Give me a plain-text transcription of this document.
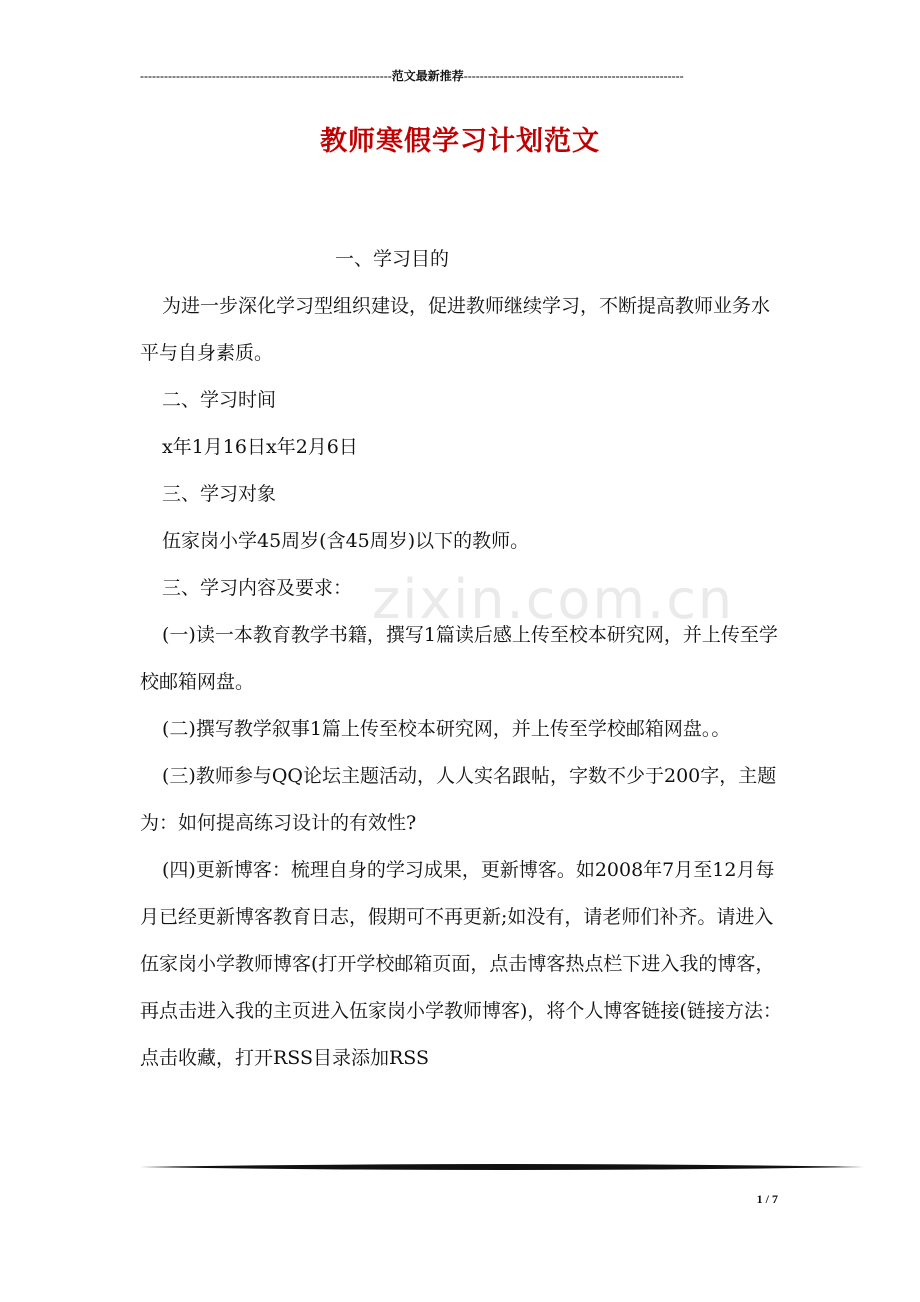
---------------------------------------------------------------范文最新推荐-------------------------------------------------------
教师寒假学习计划范文
zixin.com.cn

一、学习目的

为进一步深化学习型组织建设，促进教师继续学习，不断提高教师业务水平与自身素质。

二、学习时间

x年1月16日x年2月6日

三、学习对象

伍家岗小学45周岁(含45周岁)以下的教师。

三、学习内容及要求：

(一)读一本教育教学书籍，撰写1篇读后感上传至校本研究网，并上传至学校邮箱网盘。

(二)撰写教学叙事1篇上传至校本研究网，并上传至学校邮箱网盘。。

(三)教师参与QQ论坛主题活动，人人实名跟帖，字数不少于200字，主题为：如何提高练习设计的有效性?

(四)更新博客：梳理自身的学习成果，更新博客。如2008年7月至12月每月已经更新博客教育日志，假期可不再更新;如没有，请老师们补齐。请进入伍家岗小学教师博客(打开学校邮箱页面，点击博客热点栏下进入我的博客，再点击进入我的主页进入伍家岗小学教师博客)，将个人博客链接(链接方法：点击收藏，打开RSS目录添加RSS

1 / 7
